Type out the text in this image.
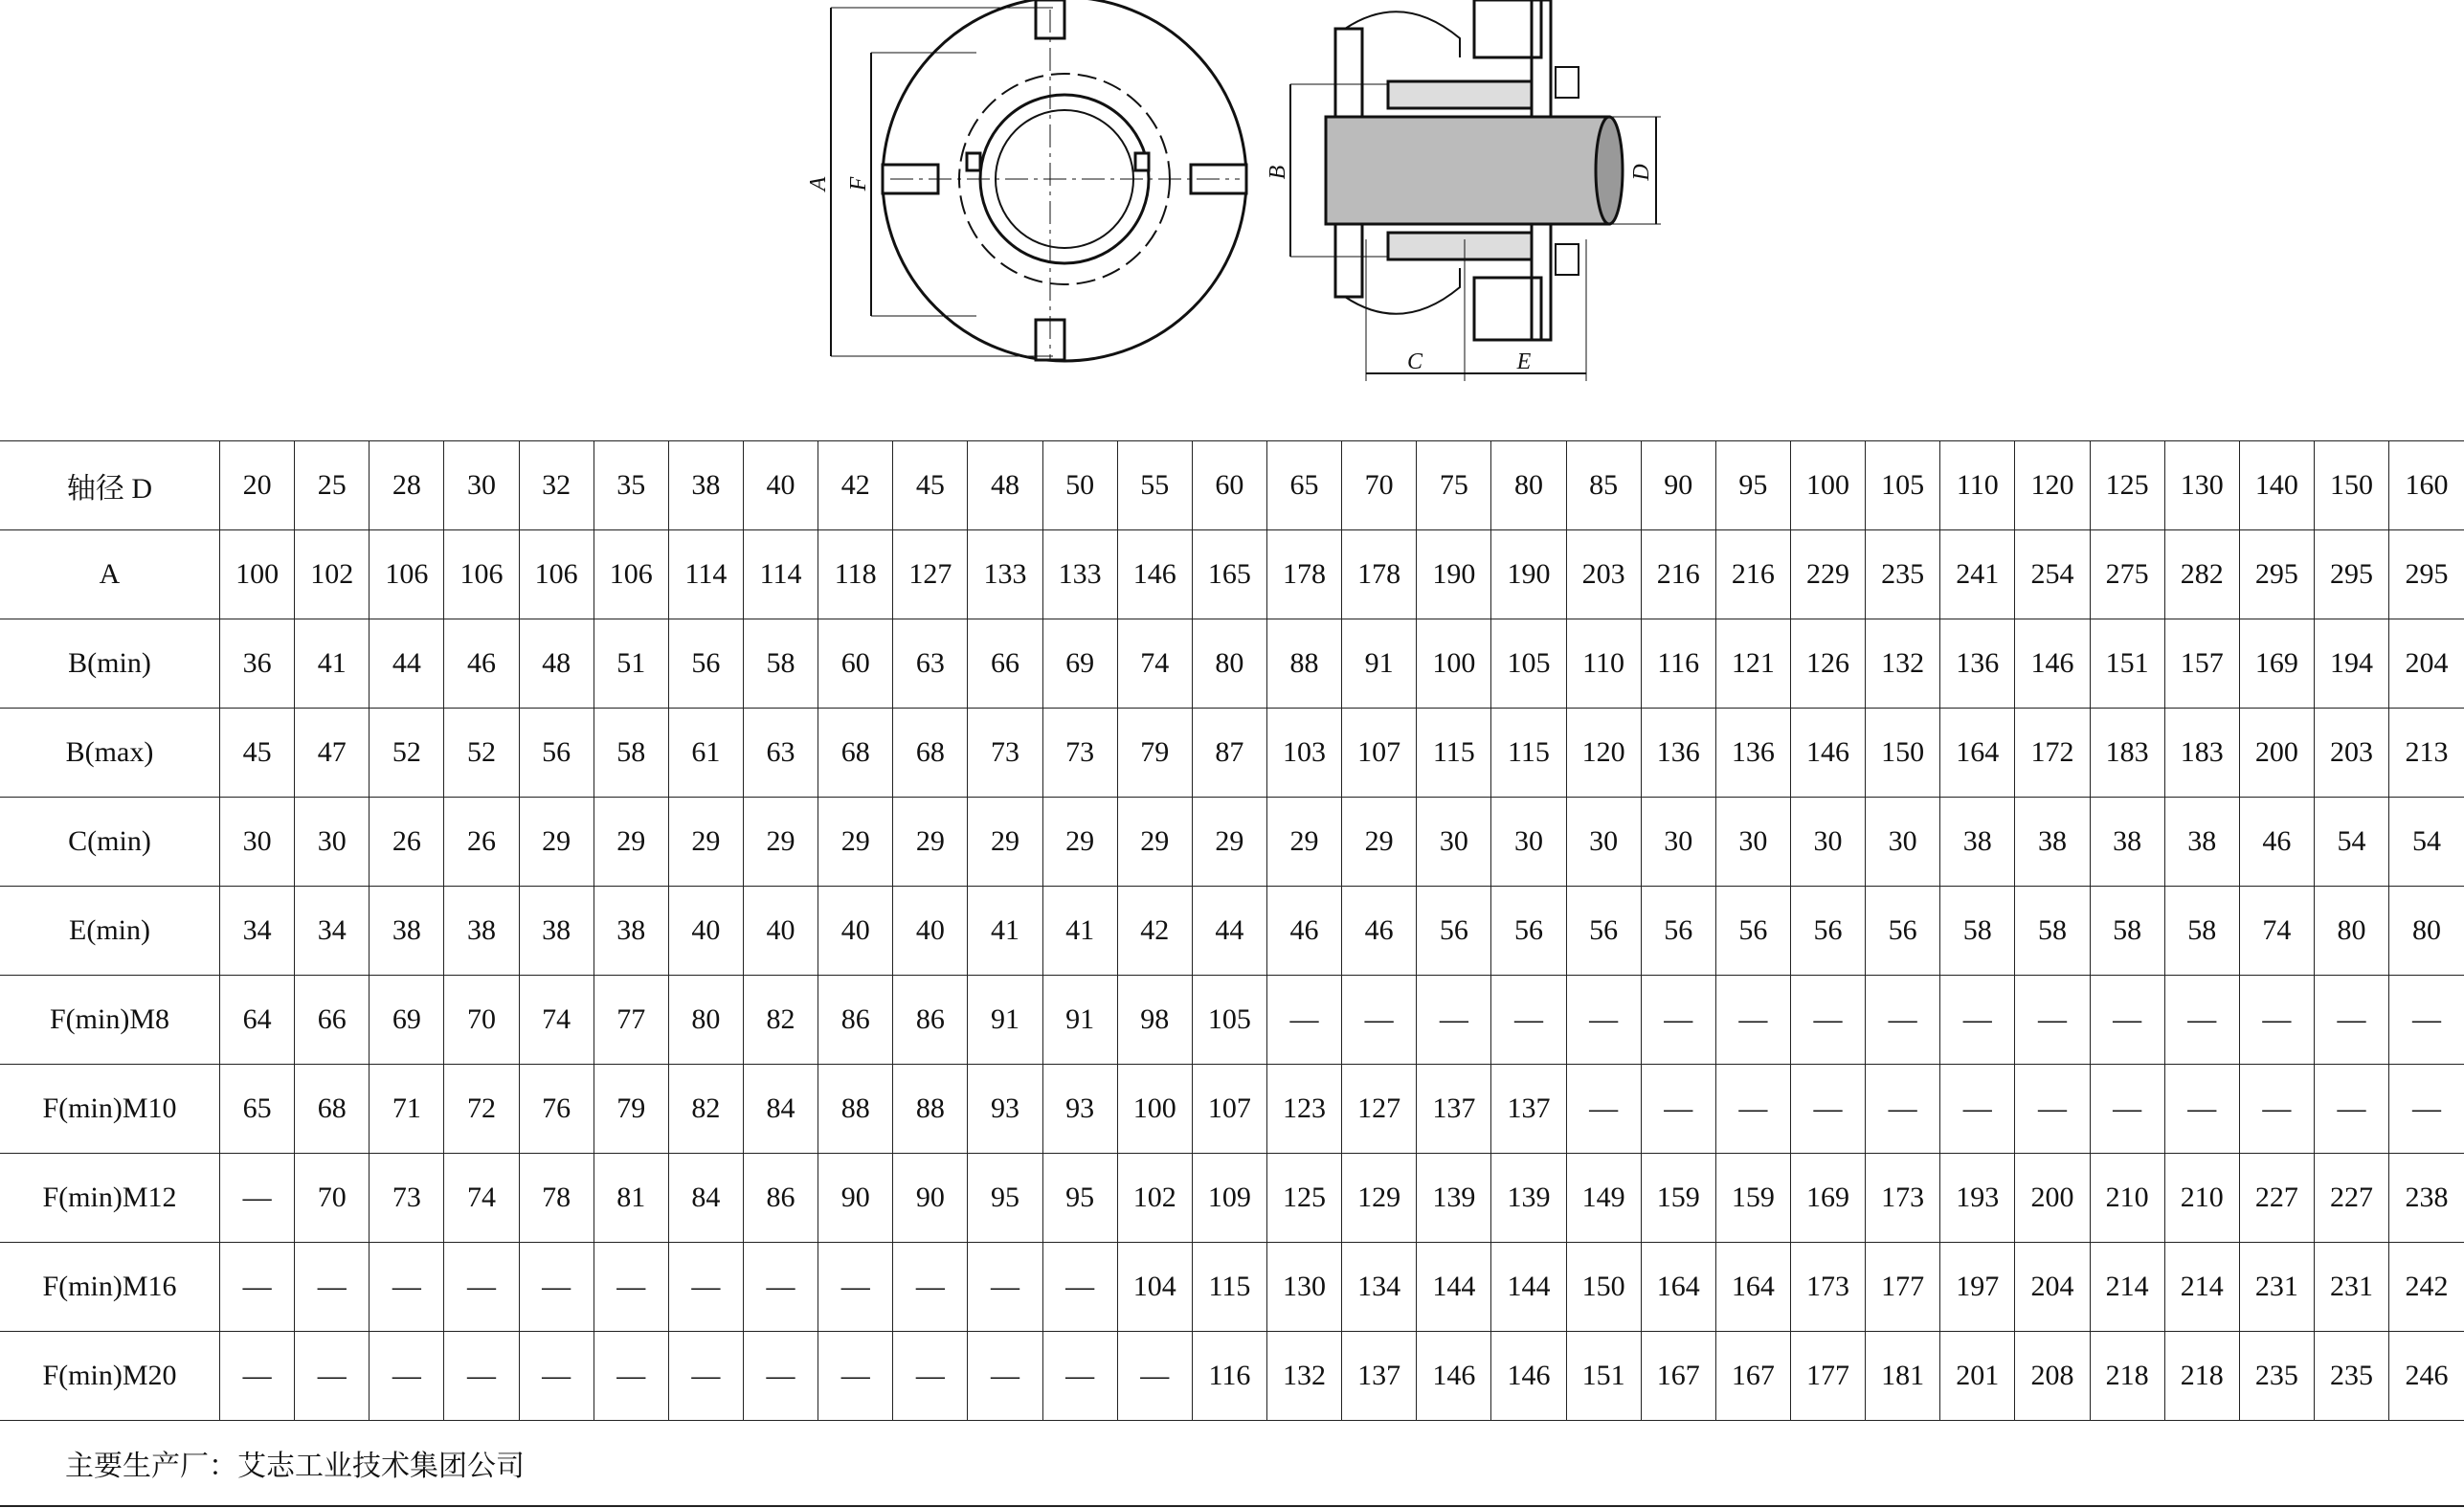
A F
B	D
C	E
轴径 D	20	25	28	30	32	35	38	40	42	45	48	50	55	60	65	70	75	80	85	90	95	100	105	110	120	125	130	140	150	160
A	100	102	106	106	106	106	114	114	118	127	133	133	146	165	178	178	190	190	203	216	216	229	235	241	254	275	282	295	295	295
B(min)	36	41	44	46	48	51	56	58	60	63	66	69	74	80	88	91	100	105	110	116	121	126	132	136	146	151	157	169	194	204
B(max)	45	47	52	52	56	58	61	63	68	68	73	73	79	87	103	107	115	115	120	136	136	146	150	164	172	183	183	200	203	213
C(min)	30	30	26	26	29	29	29	29	29	29	29	29	29	29	29	29	30	30	30	30	30	30	30	38	38	38	38	46	54	54
E(min)	34	34	38	38	38	38	40	40	40	40	41	41	42	44	46	46	56	56	56	56	56	56	56	58	58	58	58	74	80	80
F(min)M8	64	66	69	70	74	77	80	82	86	86	91	91	98	105	—	—	—	—	—	—	—	—	—	—	—	—	—	—	—	—
F(min)M10	65	68	71	72	76	79	82	84	88	88	93	93	100	107	123	127	137	137	—	—	—	—	—	—	—	—	—	—	—	—
F(min)M12	—	70	73	74	78	81	84	86	90	90	95	95	102	109	125	129	139	139	149	159	159	169	173	193	200	210	210	227	227	238
F(min)M16	—	—	—	—	—	—	—	—	—	—	—	—	104	115	130	134	144	144	150	164	164	173	177	197	204	214	214	231	231	242
F(min)M20	—	—	—	—	—	—	—	—	—	—	—	—	—	116	132	137	146	146	151	167	167	177	181	201	208	218	218	235	235	246
主要生产厂：艾志工业技术集团公司
